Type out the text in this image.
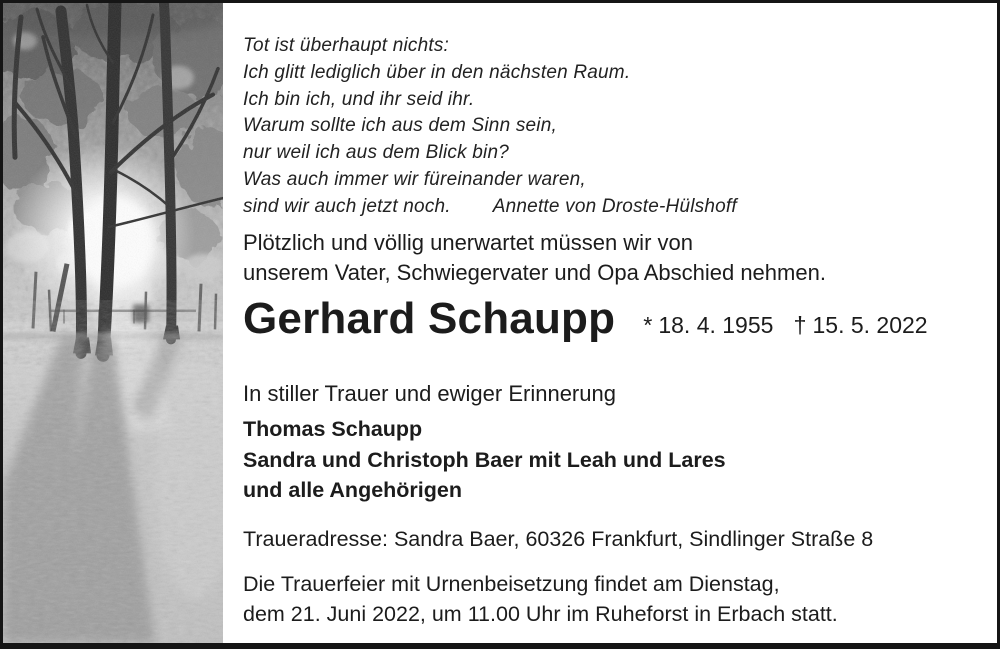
Tot ist überhaupt nichts:
Ich glitt lediglich über in den nächsten Raum.
Ich bin ich, und ihr seid ihr.
Warum sollte ich aus dem Sinn sein,
nur weil ich aus dem Blick bin?
Was auch immer wir füreinander waren,
sind wir auch jetzt noch. Annette von Droste-Hülshoff
Plötzlich und völlig unerwartet müssen wir von
unserem Vater, Schwiegervater und Opa Abschied nehmen.
Gerhard Schaupp * 18. 4. 1955 † 15. 5. 2022
In stiller Trauer und ewiger Erinnerung
Thomas Schaupp
Sandra und Christoph Baer mit Leah und Lares
und alle Angehörigen
Traueradresse: Sandra Baer, 60326 Frankfurt, Sindlinger Straße 8
Die Trauerfeier mit Urnenbeisetzung findet am Dienstag,
dem 21. Juni 2022, um 11.00 Uhr im Ruheforst in Erbach statt.
